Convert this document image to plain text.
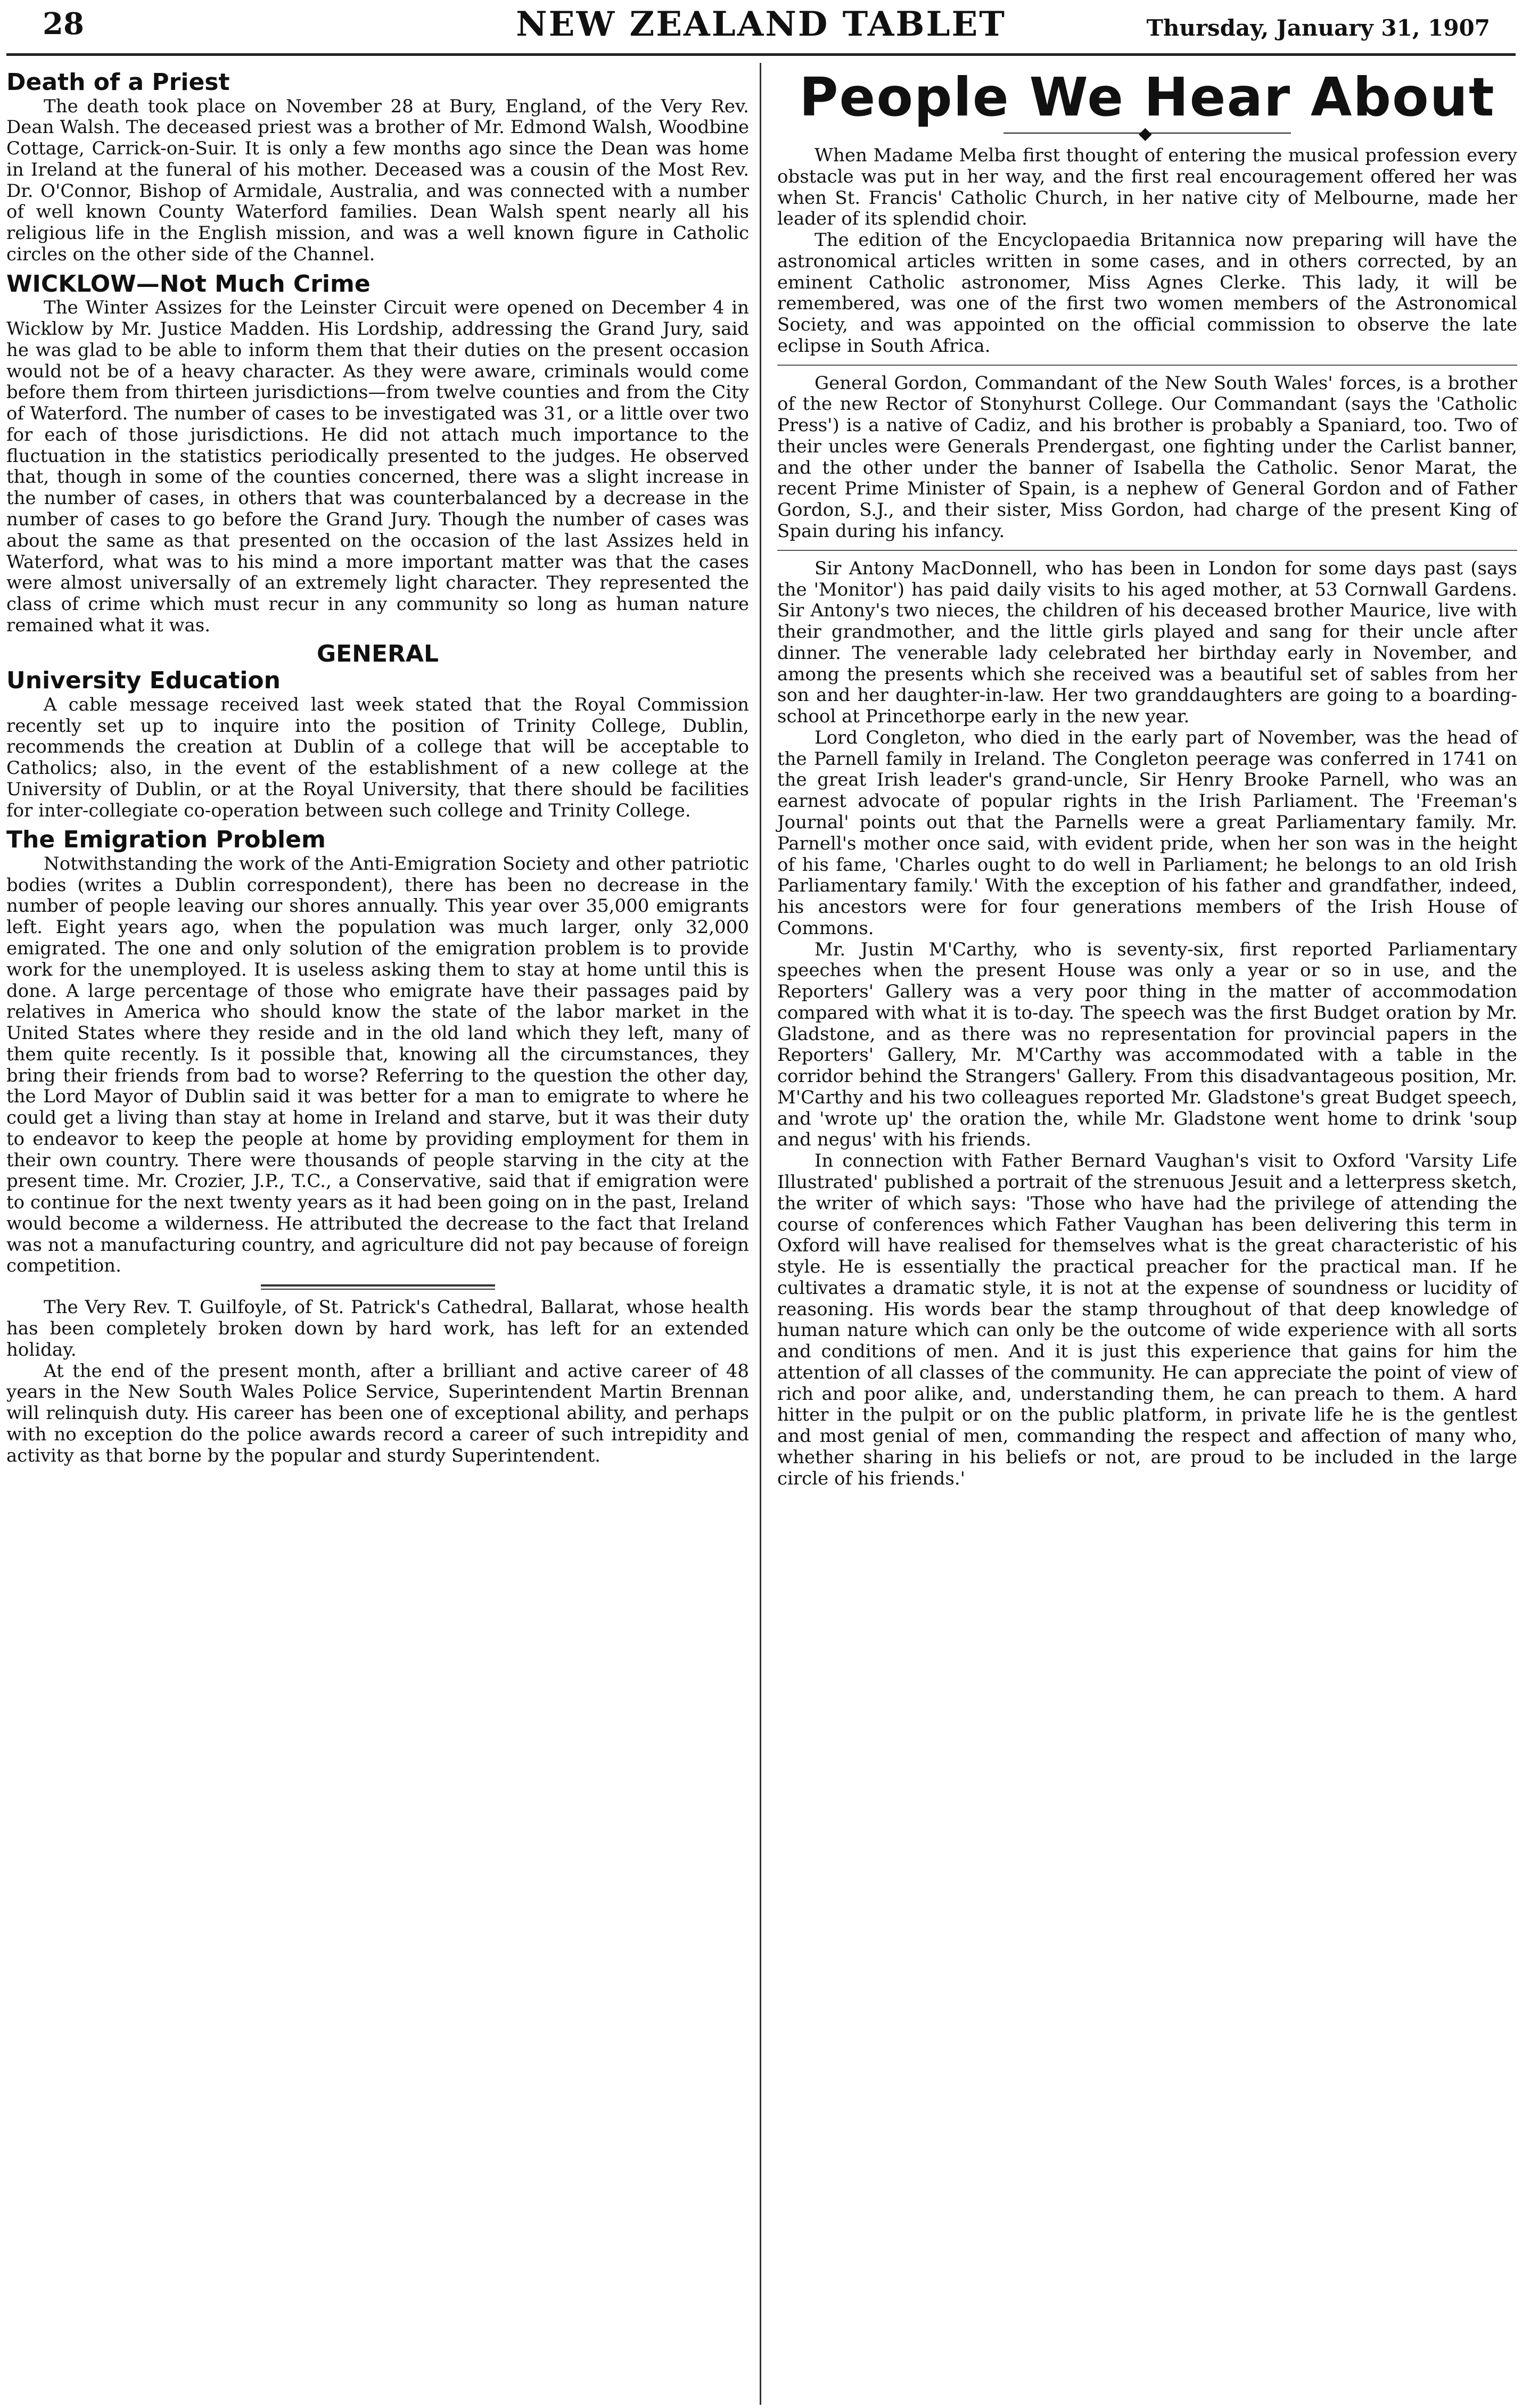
28	NEW ZEALAND TABLET	Thursday, January 31, 1907
Death of a Priest

The death took place on November 28 at Bury, England, of the Very Rev. Dean Walsh. The deceased priest was a brother of Mr. Edmond Walsh, Woodbine Cottage, Carrick-on-Suir. It is only a few months ago since the Dean was home in Ireland at the funeral of his mother. Deceased was a cousin of the Most Rev. Dr. O'Connor, Bishop of Armidale, Australia, and was connected with a number of well known County Waterford families. Dean Walsh spent nearly all his religious life in the English mission, and was a well known figure in Catholic circles on the other side of the Channel.

WICKLOW—Not Much Crime

The Winter Assizes for the Leinster Circuit were opened on December 4 in Wicklow by Mr. Justice Madden. His Lordship, addressing the Grand Jury, said he was glad to be able to inform them that their duties on the present occasion would not be of a heavy character. As they were aware, criminals would come before them from thirteen jurisdictions—from twelve counties and from the City of Waterford. The number of cases to be investigated was 31, or a little over two for each of those jurisdictions. He did not attach much importance to the fluctuation in the statistics periodically presented to the judges. He observed that, though in some of the counties concerned, there was a slight increase in the number of cases, in others that was counterbalanced by a decrease in the number of cases to go before the Grand Jury. Though the number of cases was about the same as that presented on the occasion of the last Assizes held in Waterford, what was to his mind a more important matter was that the cases were almost universally of an extremely light character. They represented the class of crime which must recur in any community so long as human nature remained what it was.

GENERAL
University Education

A cable message received last week stated that the Royal Commission recently set up to inquire into the position of Trinity College, Dublin, recommends the creation at Dublin of a college that will be acceptable to Catholics; also, in the event of the establishment of a new college at the University of Dublin, or at the Royal University, that there should be facilities for inter-collegiate co-operation between such college and Trinity College.

The Emigration Problem

Notwithstanding the work of the Anti-Emigration Society and other patriotic bodies (writes a Dublin correspondent), there has been no decrease in the number of people leaving our shores annually. This year over 35,000 emigrants left. Eight years ago, when the population was much larger, only 32,000 emigrated. The one and only solution of the emigration problem is to provide work for the unemployed. It is useless asking them to stay at home until this is done. A large percentage of those who emigrate have their passages paid by relatives in America who should know the state of the labor market in the United States where they reside and in the old land which they left, many of them quite recently. Is it possible that, knowing all the circumstances, they bring their friends from bad to worse? Referring to the question the other day, the Lord Mayor of Dublin said it was better for a man to emigrate to where he could get a living than stay at home in Ireland and starve, but it was their duty to endeavor to keep the people at home by providing employment for them in their own country. There were thousands of people starving in the city at the present time. Mr. Crozier, J.P., T.C., a Conservative, said that if emigration were to continue for the next twenty years as it had been going on in the past, Ireland would become a wilderness. He attributed the decrease to the fact that Ireland was not a manufacturing country, and agriculture did not pay because of foreign competition.

The Very Rev. T. Guilfoyle, of St. Patrick's Cathedral, Ballarat, whose health has been completely broken down by hard work, has left for an extended holiday.

At the end of the present month, after a brilliant and active career of 48 years in the New South Wales Police Service, Superintendent Martin Brennan will relinquish duty. His career has been one of exceptional ability, and perhaps with no exception do the police awards record a career of such intrepidity and activity as that borne by the popular and sturdy Superintendent.

People We Hear About
◆

When Madame Melba first thought of entering the musical profession every obstacle was put in her way, and the first real encouragement offered her was when St. Francis' Catholic Church, in her native city of Melbourne, made her leader of its splendid choir.

The edition of the Encyclopaedia Britannica now preparing will have the astronomical articles written in some cases, and in others corrected, by an eminent Catholic astronomer, Miss Agnes Clerke. This lady, it will be remembered, was one of the first two women members of the Astronomical Society, and was appointed on the official commission to observe the late eclipse in South Africa.

General Gordon, Commandant of the New South Wales' forces, is a brother of the new Rector of Stonyhurst College. Our Commandant (says the 'Catholic Press') is a native of Cadiz, and his brother is probably a Spaniard, too. Two of their uncles were Generals Prendergast, one fighting under the Carlist banner, and the other under the banner of Isabella the Catholic. Senor Marat, the recent Prime Minister of Spain, is a nephew of General Gordon and of Father Gordon, S.J., and their sister, Miss Gordon, had charge of the present King of Spain during his infancy.

Sir Antony MacDonnell, who has been in London for some days past (says the 'Monitor') has paid daily visits to his aged mother, at 53 Cornwall Gardens. Sir Antony's two nieces, the children of his deceased brother Maurice, live with their grandmother, and the little girls played and sang for their uncle after dinner. The venerable lady celebrated her birthday early in November, and among the presents which she received was a beautiful set of sables from her son and her daughter-in-law. Her two granddaughters are going to a boarding-school at Princethorpe early in the new year.

Lord Congleton, who died in the early part of November, was the head of the Parnell family in Ireland. The Congleton peerage was conferred in 1741 on the great Irish leader's grand-uncle, Sir Henry Brooke Parnell, who was an earnest advocate of popular rights in the Irish Parliament. The 'Freeman's Journal' points out that the Parnells were a great Parliamentary family. Mr. Parnell's mother once said, with evident pride, when her son was in the height of his fame, 'Charles ought to do well in Parliament; he belongs to an old Irish Parliamentary family.' With the exception of his father and grandfather, indeed, his ancestors were for four generations members of the Irish House of Commons.

Mr. Justin M'Carthy, who is seventy-six, first reported Parliamentary speeches when the present House was only a year or so in use, and the Reporters' Gallery was a very poor thing in the matter of accommodation compared with what it is to-day. The speech was the first Budget oration by Mr. Gladstone, and as there was no representation for provincial papers in the Reporters' Gallery, Mr. M'Carthy was accommodated with a table in the corridor behind the Strangers' Gallery. From this disadvantageous position, Mr. M'Carthy and his two colleagues reported Mr. Gladstone's great Budget speech, and 'wrote up' the oration the, while Mr. Gladstone went home to drink 'soup and negus' with his friends.

In connection with Father Bernard Vaughan's visit to Oxford 'Varsity Life Illustrated' published a portrait of the strenuous Jesuit and a letterpress sketch, the writer of which says: 'Those who have had the privilege of attending the course of conferences which Father Vaughan has been delivering this term in Oxford will have realised for themselves what is the great characteristic of his style. He is essentially the practical preacher for the practical man. If he cultivates a dramatic style, it is not at the expense of soundness or lucidity of reasoning. His words bear the stamp throughout of that deep knowledge of human nature which can only be the outcome of wide experience with all sorts and conditions of men. And it is just this experience that gains for him the attention of all classes of the community. He can appreciate the point of view of rich and poor alike, and, understanding them, he can preach to them. A hard hitter in the pulpit or on the public platform, in private life he is the gentlest and most genial of men, commanding the respect and affection of many who, whether sharing in his beliefs or not, are proud to be included in the large circle of his friends.'
